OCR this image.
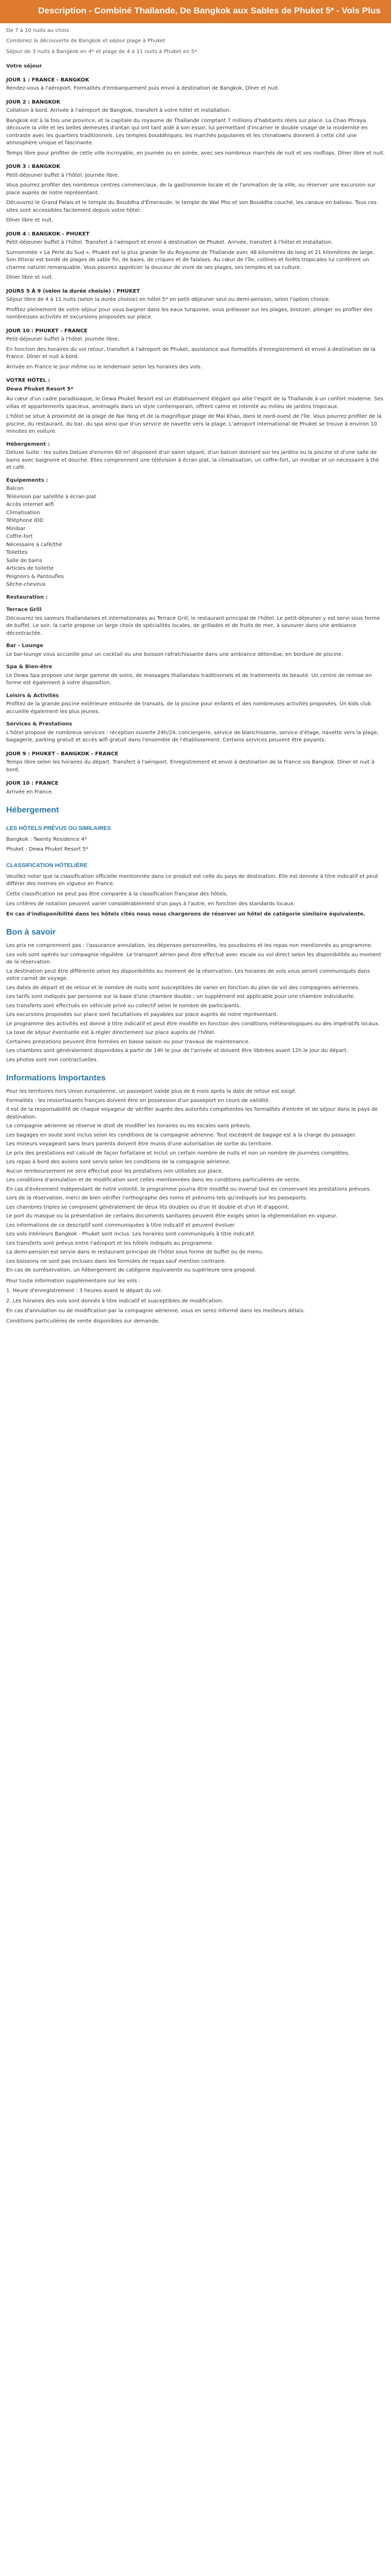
Description - Combiné Thaïlande, De Bangkok aux Sables de Phuket 5* - Vols Plus

De 7 à 10 nuits au choix

Combinez la découverte de Bangkok et séjour plage à Phuket

Séjour de 3 nuits à Bangkok en 4* et plage de 4 à 11 nuits à Phuket en 5*

Votre séjour
JOUR 1 : FRANCE - BANGKOK

Rendez-vous à l'aéroport. Formalités d'embarquement puis envol à destination de Bangkok. Dîner et nuit.

JOUR 2 : BANGKOK

Collation à bord. Arrivée à l'aéroport de Bangkok, transfert à votre hôtel et installation.

Bangkok est à la fois une province, et la capitale du royaume de Thaïlande comptant 7 millions d'habitants réels sur place. La Chao Phraya découvre la ville et les belles demeures d'antan qui ont tant aidé à son essor, lui permettant d'incarner le double visage de la modernité en contraste avec les quartiers traditionnels. Les temples bouddhiques, les marchés populaires et les chinatowns donnent à cette cité une atmosphère unique et fascinante.

Temps libre pour profiter de cette ville incroyable, en journée ou en soirée, avec ses nombreux marchés de nuit et ses rooftops. Dîner libre et nuit.

JOUR 3 : BANGKOK

Petit-déjeuner buffet à l'hôtel. Journée libre.

Vous pourrez profiter des nombreux centres commerciaux, de la gastronomie locale et de l'animation de la ville, ou réserver une excursion sur place auprès de notre représentant.

Découvrez le Grand Palais et le temple du Bouddha d'Émeraude, le temple de Wat Pho et son Bouddha couché, les canaux en bateau. Tous ces sites sont accessibles facilement depuis votre hôtel.

Dîner libre et nuit.

JOUR 4 : BANGKOK - PHUKET

Petit-déjeuner buffet à l'hôtel. Transfert à l'aéroport et envol à destination de Phuket. Arrivée, transfert à l'hôtel et installation.

Surnommée « La Perle du Sud », Phuket est la plus grande île du Royaume de Thaïlande avec 48 kilomètres de long et 21 kilomètres de large. Son littoral est bordé de plages de sable fin, de baies, de criques et de falaises. Au cœur de l'île, collines et forêts tropicales lui confèrent un charme naturel remarquable. Vous pourrez apprécier la douceur de vivre de ses plages, ses temples et sa culture.

Dîner libre et nuit.

JOURS 5 À 9 (selon la durée choisie) : PHUKET

Séjour libre de 4 à 11 nuits (selon la durée choisie) en hôtel 5* en petit-déjeuner seul ou demi-pension, selon l'option choisie.

Profitez pleinement de votre séjour pour vous baigner dans les eaux turquoise, vous prélasser sur les plages, bronzer, plonger ou profiter des nombreuses activités et excursions proposées sur place.

JOUR 10 : PHUKET - FRANCE

Petit-déjeuner buffet à l'hôtel. Journée libre.

En fonction des horaires du vol retour, transfert à l'aéroport de Phuket, assistance aux formalités d'enregistrement et envol à destination de la France. Dîner et nuit à bord.

Arrivée en France le jour même ou le lendemain selon les horaires des vols.

VOTRE HÔTEL :

Dewa Phuket Resort 5*

Au cœur d'un cadre paradisiaque, le Dewa Phuket Resort est un établissement élégant qui allie l'esprit de la Thaïlande à un confort moderne. Ses villas et appartements spacieux, aménagés dans un style contemporain, offrent calme et intimité au milieu de jardins tropicaux.

L'hôtel se situe à proximité de la plage de Nai Yang et de la magnifique plage de Mai Khao, dans le nord-ouest de l'île. Vous pourrez profiter de la piscine, du restaurant, du bar, du spa ainsi que d'un service de navette vers la plage. L'aéroport international de Phuket se trouve à environ 10 minutes en voiture.

Hébergement :

Deluxe Suite : les suites Deluxe d'environ 60 m² disposent d'un salon séparé, d'un balcon donnant sur les jardins ou la piscine et d'une salle de bains avec baignoire et douche. Elles comprennent une télévision à écran plat, la climatisation, un coffre-fort, un minibar et un nécessaire à thé et café.

Équipements :

Balcon

Télévision par satellite à écran plat

Accès internet wifi

Climatisation

Téléphone IDD

Minibar

Coffre-fort

Nécessaire à café/thé

Toilettes

Salle de bains

Articles de toilette

Peignoirs & Pantoufles

Sèche-cheveux

Restauration :
Terrace Grill

Découvrez les saveurs thaïlandaises et internationales au Terrace Grill, le restaurant principal de l'hôtel. Le petit-déjeuner y est servi sous forme de buffet. Le soir, la carte propose un large choix de spécialités locales, de grillades et de fruits de mer, à savourer dans une ambiance décontractée.

Bar - Lounge

Le bar-lounge vous accueille pour un cocktail ou une boisson rafraîchissante dans une ambiance détendue, en bordure de piscine.

Spa & Bien-être

Le Dewa Spa propose une large gamme de soins, de massages thaïlandais traditionnels et de traitements de beauté. Un centre de remise en forme est également à votre disposition.

Loisirs & Activités

Profitez de la grande piscine extérieure entourée de transats, de la piscine pour enfants et des nombreuses activités proposées. Un kids club accueille également les plus jeunes.

Services & Prestations

L'hôtel propose de nombreux services : réception ouverte 24h/24, conciergerie, service de blanchisserie, service d'étage, navette vers la plage, bagagerie, parking gratuit et accès wifi gratuit dans l'ensemble de l'établissement. Certains services peuvent être payants.

JOUR 9 : PHUKET - BANGKOK - FRANCE

Temps libre selon les horaires du départ. Transfert à l'aéroport. Enregistrement et envol à destination de la France via Bangkok. Dîner et nuit à bord.

JOUR 10 : FRANCE

Arrivée en France.

Hébergement
LES HÔTELS PRÉVUS OU SIMILAIRES

Bangkok : Twenty Residence 4*

Phuket : Dewa Phuket Resort 5*

CLASSIFICATION HÔTELIÈRE

Veuillez noter que la classification officielle mentionnée dans ce produit est celle du pays de destination. Elle est donnée à titre indicatif et peut différer des normes en vigueur en France.

Cette classification ne peut pas être comparée à la classification française des hôtels.

Les critères de notation peuvent varier considérablement d'un pays à l'autre, en fonction des standards locaux.

En cas d'indisponibilité dans les hôtels cités nous nous chargerons de réserver un hôtel de catégorie similaire équivalente.

Bon à savoir
Les prix ne comprennent pas : l'assurance annulation, les dépenses personnelles, les pourboires et les repas non mentionnés au programme.
Les vols sont opérés sur compagnie régulière. Le transport aérien peut être effectué avec escale ou vol direct selon les disponibilités au moment de la réservation.
La destination peut être différente selon les disponibilités au moment de la réservation. Les horaires de vols vous seront communiqués dans votre carnet de voyage.
Les dates de départ et de retour et le nombre de nuits sont susceptibles de varier en fonction du plan de vol des compagnies aériennes.
Les tarifs sont indiqués par personne sur la base d'une chambre double ; un supplément est applicable pour une chambre individuelle.
Les transferts sont effectués en véhicule privé ou collectif selon le nombre de participants.
Les excursions proposées sur place sont facultatives et payables sur place auprès de notre représentant.
Le programme des activités est donné à titre indicatif et peut être modifié en fonction des conditions météorologiques ou des impératifs locaux.
La taxe de séjour éventuelle est à régler directement sur place auprès de l'hôtel.
Certaines prestations peuvent être fermées en basse saison ou pour travaux de maintenance.
Les chambres sont généralement disponibles à partir de 14h le jour de l'arrivée et doivent être libérées avant 12h le jour du départ.
Les photos sont non contractuelles.
Informations Importantes
Pour les territoires hors Union européenne, un passeport valide plus de 6 mois après la date de retour est exigé.
Formalités : les ressortissants français doivent être en possession d'un passeport en cours de validité.
Il est de la responsabilité de chaque voyageur de vérifier auprès des autorités compétentes les formalités d'entrée et de séjour dans le pays de destination.
La compagnie aérienne se réserve le droit de modifier les horaires ou les escales sans préavis.
Les bagages en soute sont inclus selon les conditions de la compagnie aérienne. Tout excédent de bagage est à la charge du passager.
Les mineurs voyageant sans leurs parents doivent être munis d'une autorisation de sortie du territoire.
Le prix des prestations est calculé de façon forfaitaire et inclut un certain nombre de nuits et non un nombre de journées complètes.
Les repas à bord des avions sont servis selon les conditions de la compagnie aérienne.
Aucun remboursement ne sera effectué pour les prestations non utilisées sur place.
Les conditions d'annulation et de modification sont celles mentionnées dans les conditions particulières de vente.
En cas d'événement indépendant de notre volonté, le programme pourra être modifié ou inversé tout en conservant les prestations prévues.
Lors de la réservation, merci de bien vérifier l'orthographe des noms et prénoms tels qu'indiqués sur les passeports.
Les chambres triples se composent généralement de deux lits doubles ou d'un lit double et d'un lit d'appoint.
Le port du masque ou la présentation de certains documents sanitaires peuvent être exigés selon la réglementation en vigueur.
Les informations de ce descriptif sont communiquées à titre indicatif et peuvent évoluer.
Les vols intérieurs Bangkok - Phuket sont inclus. Les horaires sont communiqués à titre indicatif.
Les transferts sont prévus entre l'aéroport et les hôtels indiqués au programme.
La demi-pension est servie dans le restaurant principal de l'hôtel sous forme de buffet ou de menu.
Les boissons ne sont pas incluses dans les formules de repas sauf mention contraire.
En cas de surréservation, un hébergement de catégorie équivalente ou supérieure sera proposé.

Pour toute information supplémentaire sur les vols :

1. Heure d'enregistrement : 3 heures avant le départ du vol.

2. Les horaires des vols sont donnés à titre indicatif et susceptibles de modification.

En cas d'annulation ou de modification par la compagnie aérienne, vous en serez informé dans les meilleurs délais.

Conditions particulières de vente disponibles sur demande.
